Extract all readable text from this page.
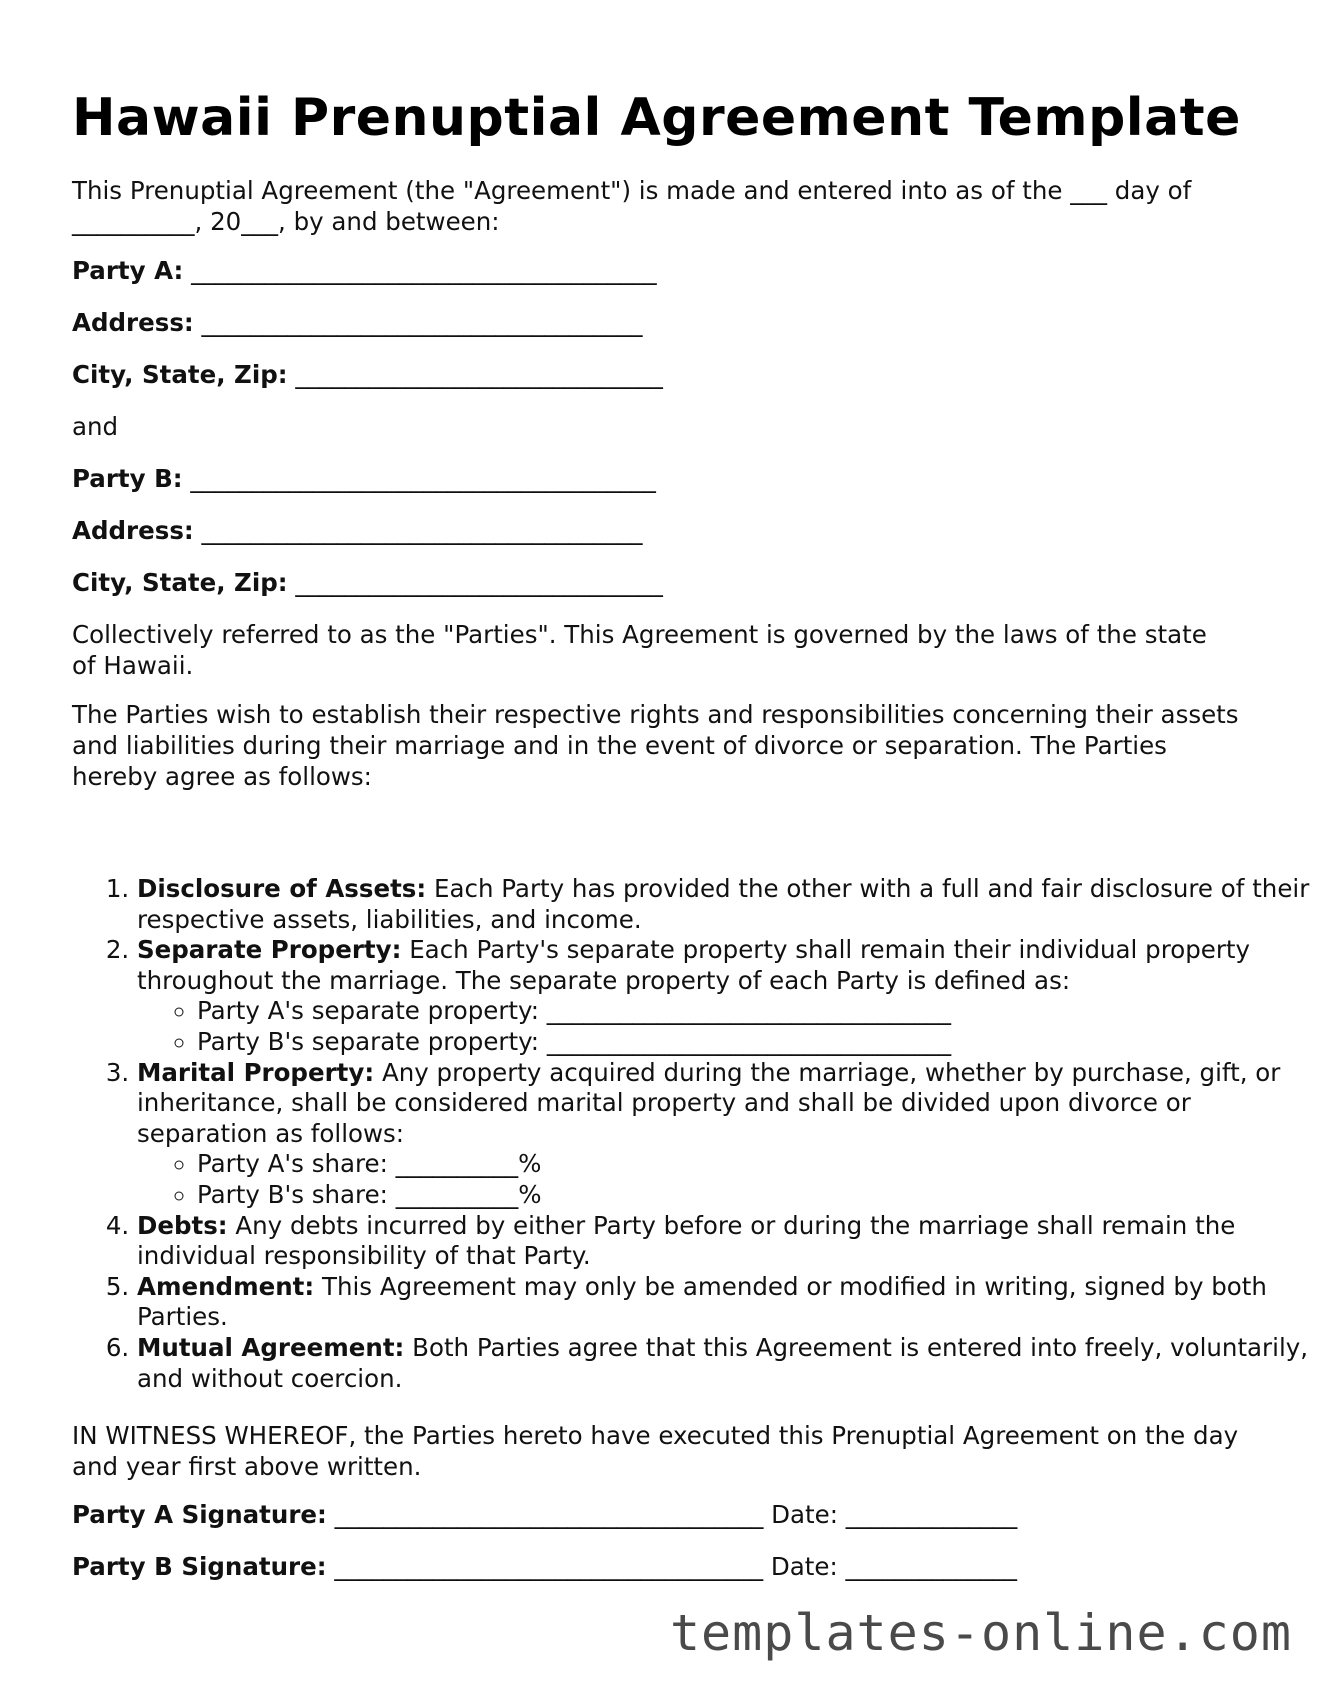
Hawaii Prenuptial Agreement Template

This Prenuptial Agreement (the "Agreement") is made and entered into as of the ___ day of __________, 20___, by and between:

Party A: ______________________________________
Address: ____________________________________
City, State, Zip: ______________________________
and
Party B: ______________________________________
Address: ____________________________________
City, State, Zip: ______________________________

Collectively referred to as the "Parties". This Agreement is governed by the laws of the state of Hawaii.

The Parties wish to establish their respective rights and responsibilities concerning their assets and liabilities during their marriage and in the event of divorce or separation. The Parties hereby agree as follows:

1. Disclosure of Assets: Each Party has provided the other with a full and fair disclosure of their respective assets, liabilities, and income.
2. Separate Property: Each Party's separate property shall remain their individual property throughout the marriage. The separate property of each Party is defined as:
◦ Party A's separate property: _________________________________
◦ Party B's separate property: _________________________________
3. Marital Property: Any property acquired during the marriage, whether by purchase, gift, or inheritance, shall be considered marital property and shall be divided upon divorce or separation as follows:
◦ Party A's share: __________%
◦ Party B's share: __________%
4. Debts: Any debts incurred by either Party before or during the marriage shall remain the individual responsibility of that Party.
5. Amendment: This Agreement may only be amended or modified in writing, signed by both Parties.
6. Mutual Agreement: Both Parties agree that this Agreement is entered into freely, voluntarily, and without coercion.

IN WITNESS WHEREOF, the Parties hereto have executed this Prenuptial Agreement on the day and year first above written.

Party A Signature: ___________________________________ Date: ______________
Party B Signature: ___________________________________ Date: ______________
templates-online.com
